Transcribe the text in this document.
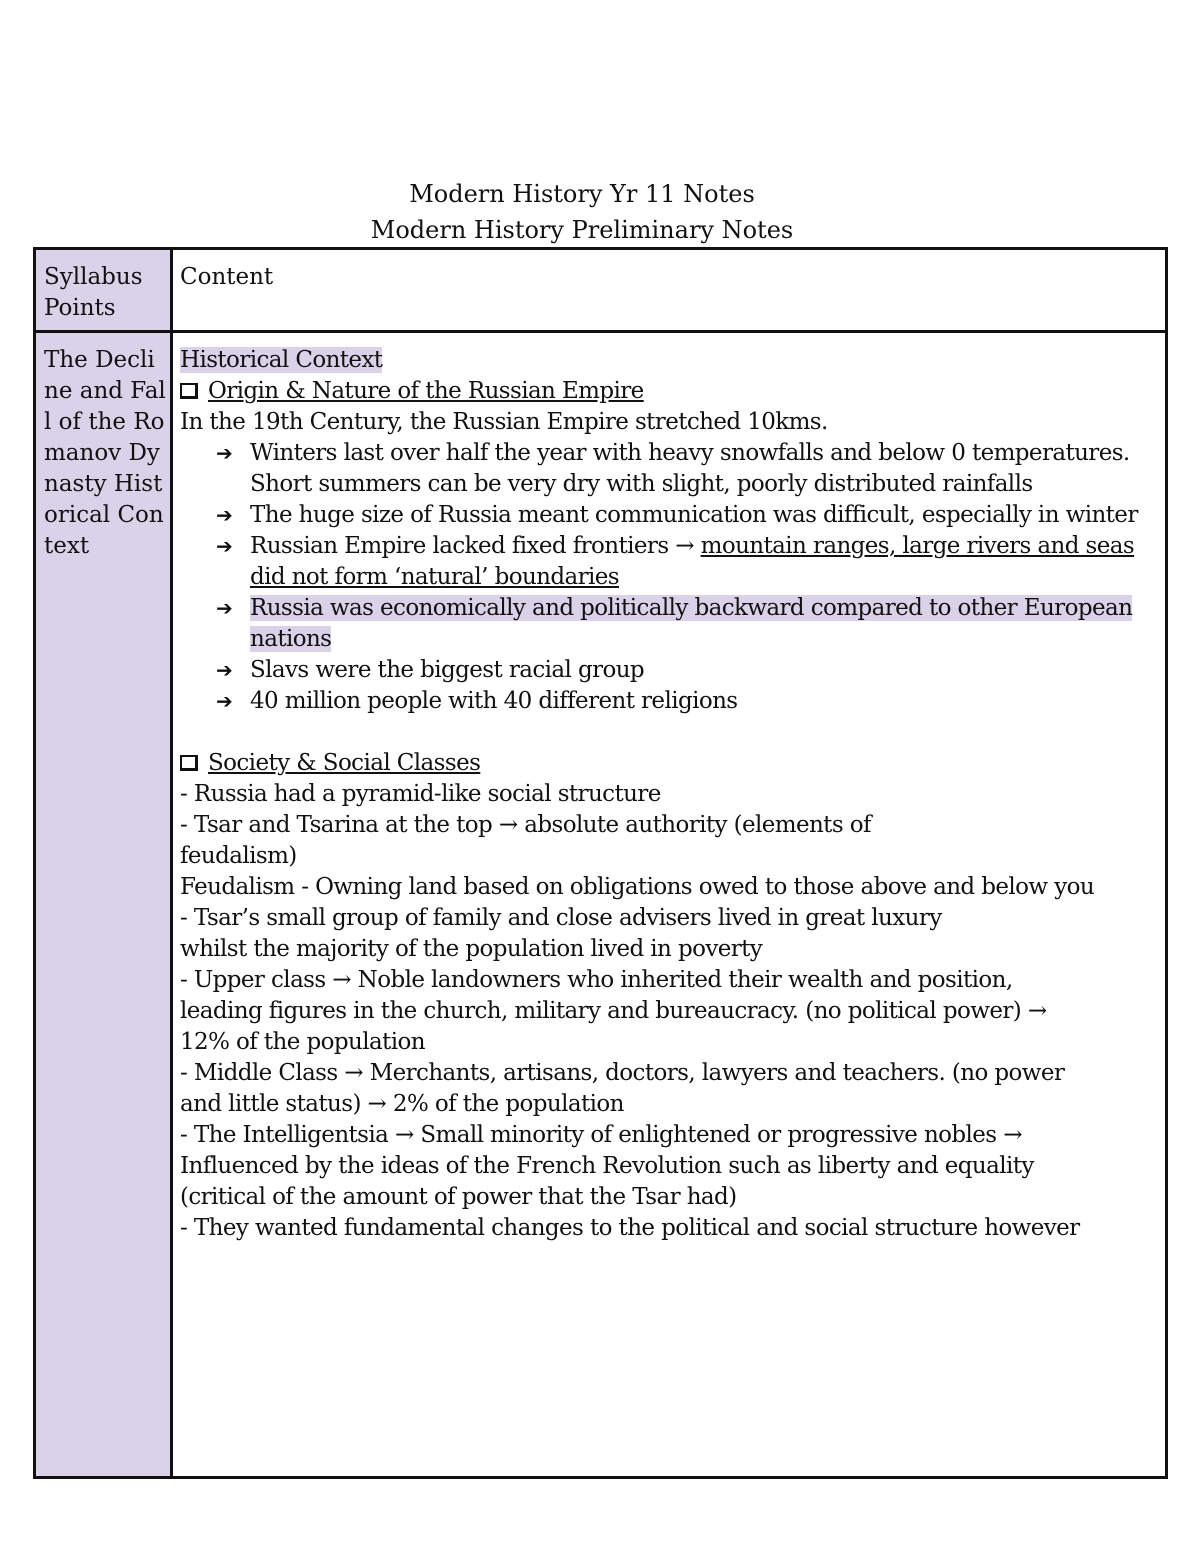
Modern History Yr 11 Notes
Modern History Preliminary Notes
Syllabus Points
Content
The Decline and Fall of the Romanov Dynasty Historical Context
Historical Context
Origin & Nature of the Russian Empire
In the 19th Century, the Russian Empire stretched 10kms.
➔ Winters last over half the year with heavy snowfalls and below 0 temperatures. Short summers can be very dry with slight, poorly distributed rainfalls
➔ The huge size of Russia meant communication was difficult, especially in winter
➔ Russian Empire lacked fixed frontiers → mountain ranges, large rivers and seas did not form ‘natural’ boundaries
➔ Russia was economically and politically backward compared to other European nations
➔ Slavs were the biggest racial group
➔ 40 million people with 40 different religions
Society & Social Classes
- Russia had a pyramid-like social structure
- Tsar and Tsarina at the top → absolute authority (elements of
feudalism)
Feudalism - Owning land based on obligations owed to those above and below you
- Tsar’s small group of family and close advisers lived in great luxury
whilst the majority of the population lived in poverty
- Upper class → Noble landowners who inherited their wealth and position,
leading figures in the church, military and bureaucracy. (no political power) →
12% of the population
- Middle Class → Merchants, artisans, doctors, lawyers and teachers. (no power
and little status) → 2% of the population
- The Intelligentsia → Small minority of enlightened or progressive nobles →
Influenced by the ideas of the French Revolution such as liberty and equality
(critical of the amount of power that the Tsar had)
- They wanted fundamental changes to the political and social structure however
